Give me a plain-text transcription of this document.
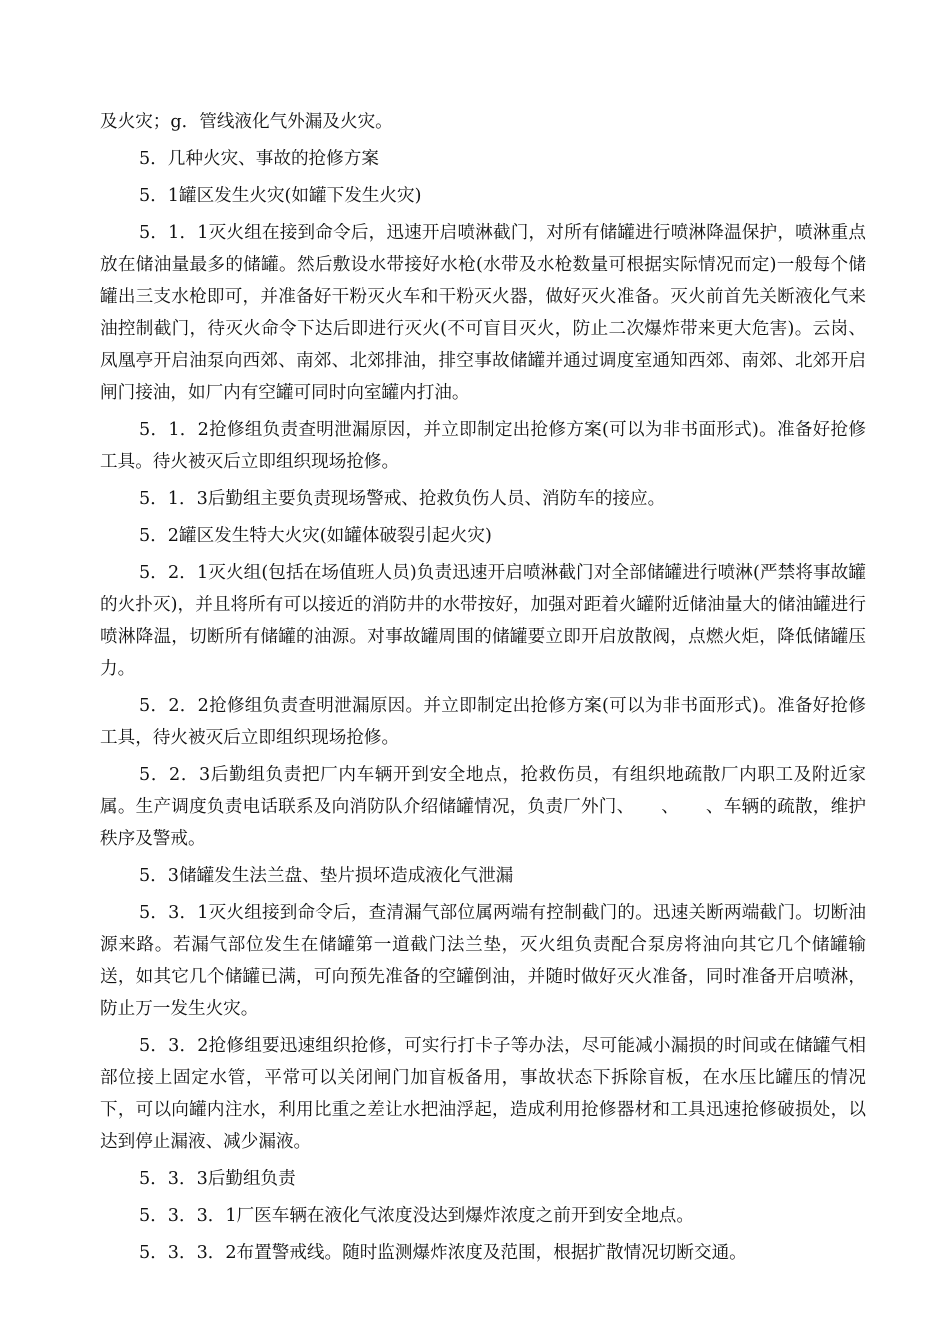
及火灾；g．管线液化气外漏及火灾。

5．几种火灾、事故的抢修方案

5．1罐区发生火灾(如罐下发生火灾)

5．1．1灭火组在接到命令后，迅速开启喷淋截门，对所有储罐进行喷淋降温保护，喷淋重点放在储油量最多的储罐。然后敷设水带接好水枪(水带及水枪数量可根据实际情况而定)一般每个储罐出三支水枪即可，并准备好干粉灭火车和干粉灭火器，做好灭火准备。灭火前首先关断液化气来油控制截门，待灭火命令下达后即进行灭火(不可盲目灭火，防止二次爆炸带来更大危害)。云岗、凤凰亭开启油泵向西郊、南郊、北郊排油，排空事故储罐并通过调度室通知西郊、南郊、北郊开启闸门接油，如厂内有空罐可同时向室罐内打油。

5．1．2抢修组负责查明泄漏原因，并立即制定出抢修方案(可以为非书面形式)。准备好抢修工具。待火被灭后立即组织现场抢修。

5．1．3后勤组主要负责现场警戒、抢救负伤人员、消防车的接应。

5．2罐区发生特大火灾(如罐体破裂引起火灾)

5．2．1灭火组(包括在场值班人员)负责迅速开启喷淋截门对全部储罐进行喷淋(严禁将事故罐的火扑灭)，并且将所有可以接近的消防井的水带按好，加强对距着火罐附近储油量大的储油罐进行喷淋降温，切断所有储罐的油源。对事故罐周围的储罐要立即开启放散阀，点燃火炬，降低储罐压力。

5．2．2抢修组负责查明泄漏原因。并立即制定出抢修方案(可以为非书面形式)。准备好抢修工具，待火被灭后立即组织现场抢修。

5．2．3后勤组负责把厂内车辆开到安全地点，抢救伤员，有组织地疏散厂内职工及附近家属。生产调度负责电话联系及向消防队介绍储罐情况，负责厂外门、　　、　　、车辆的疏散，维护秩序及警戒。

5．3储罐发生法兰盘、垫片损坏造成液化气泄漏

5．3．1灭火组接到命令后，查清漏气部位属两端有控制截门的。迅速关断两端截门。切断油源来路。若漏气部位发生在储罐第一道截门法兰垫，灭火组负责配合泵房将油向其它几个储罐输送，如其它几个储罐已满，可向预先准备的空罐倒油，并随时做好灭火准备，同时准备开启喷淋，防止万一发生火灾。

5．3．2抢修组要迅速组织抢修，可实行打卡子等办法，尽可能减小漏损的时间或在储罐气相部位接上固定水管，平常可以关闭闸门加盲板备用，事故状态下拆除盲板，在水压比罐压的情况下，可以向罐内注水，利用比重之差让水把油浮起，造成利用抢修器材和工具迅速抢修破损处，以达到停止漏液、减少漏液。

5．3．3后勤组负责

5．3．3．1厂医车辆在液化气浓度没达到爆炸浓度之前开到安全地点。

5．3．3．2布置警戒线。随时监测爆炸浓度及范围，根据扩散情况切断交通。
